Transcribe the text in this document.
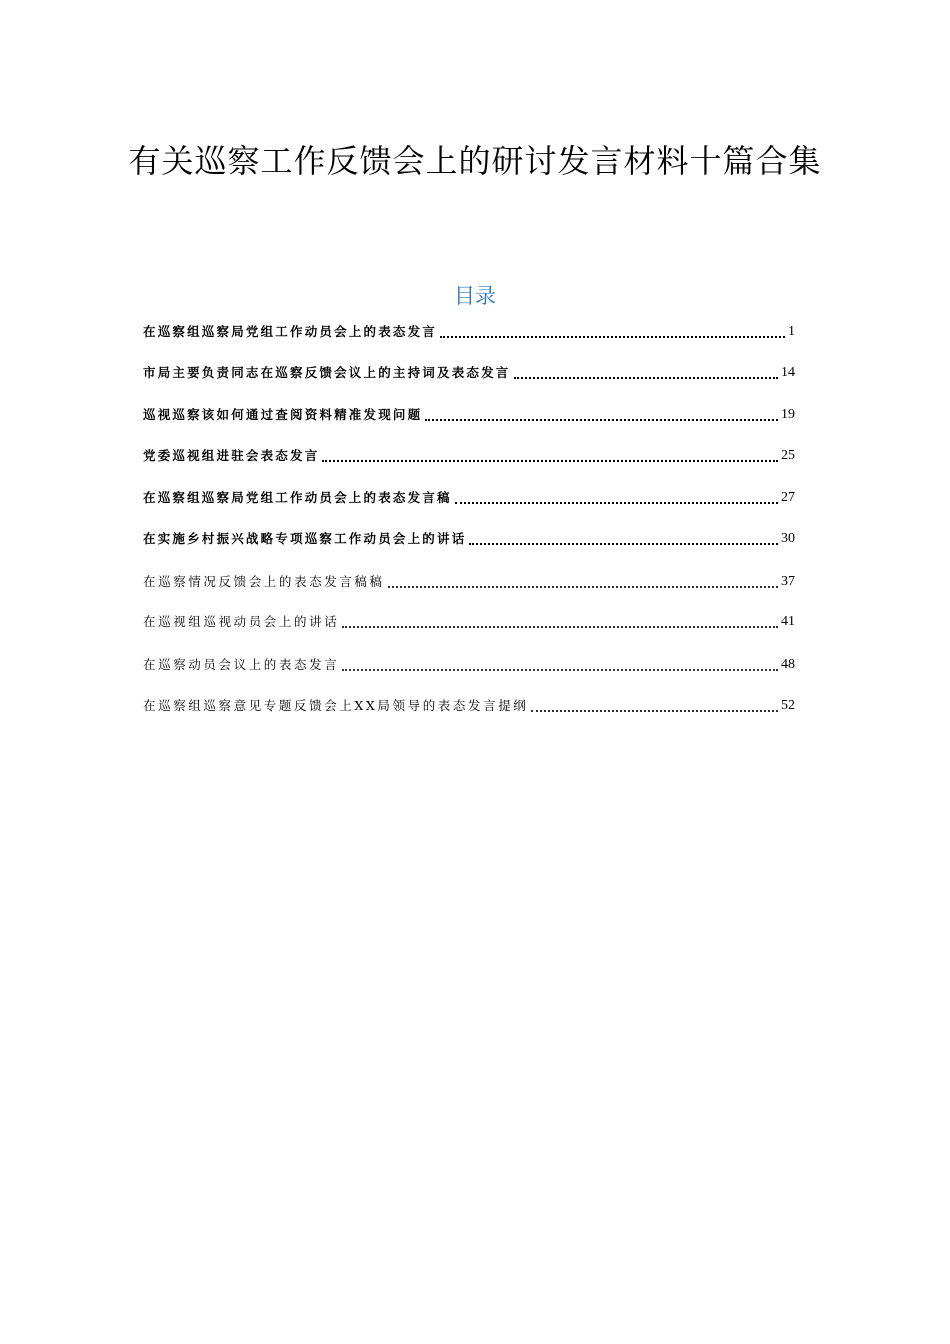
有关巡察工作反馈会上的研讨发言材料十篇合集
目录
在巡察组巡察局党组工作动员会上的表态发言	1
市局主要负责同志在巡察反馈会议上的主持词及表态发言	14
巡视巡察该如何通过查阅资料精准发现问题	19
党委巡视组进驻会表态发言	25
在巡察组巡察局党组工作动员会上的表态发言稿	27
在实施乡村振兴战略专项巡察工作动员会上的讲话	30
在巡察情况反馈会上的表态发言稿稿	37
在巡视组巡视动员会上的讲话	41
在巡察动员会议上的表态发言	48
在巡察组巡察意见专题反馈会上XX局领导的表态发言提纲	52
